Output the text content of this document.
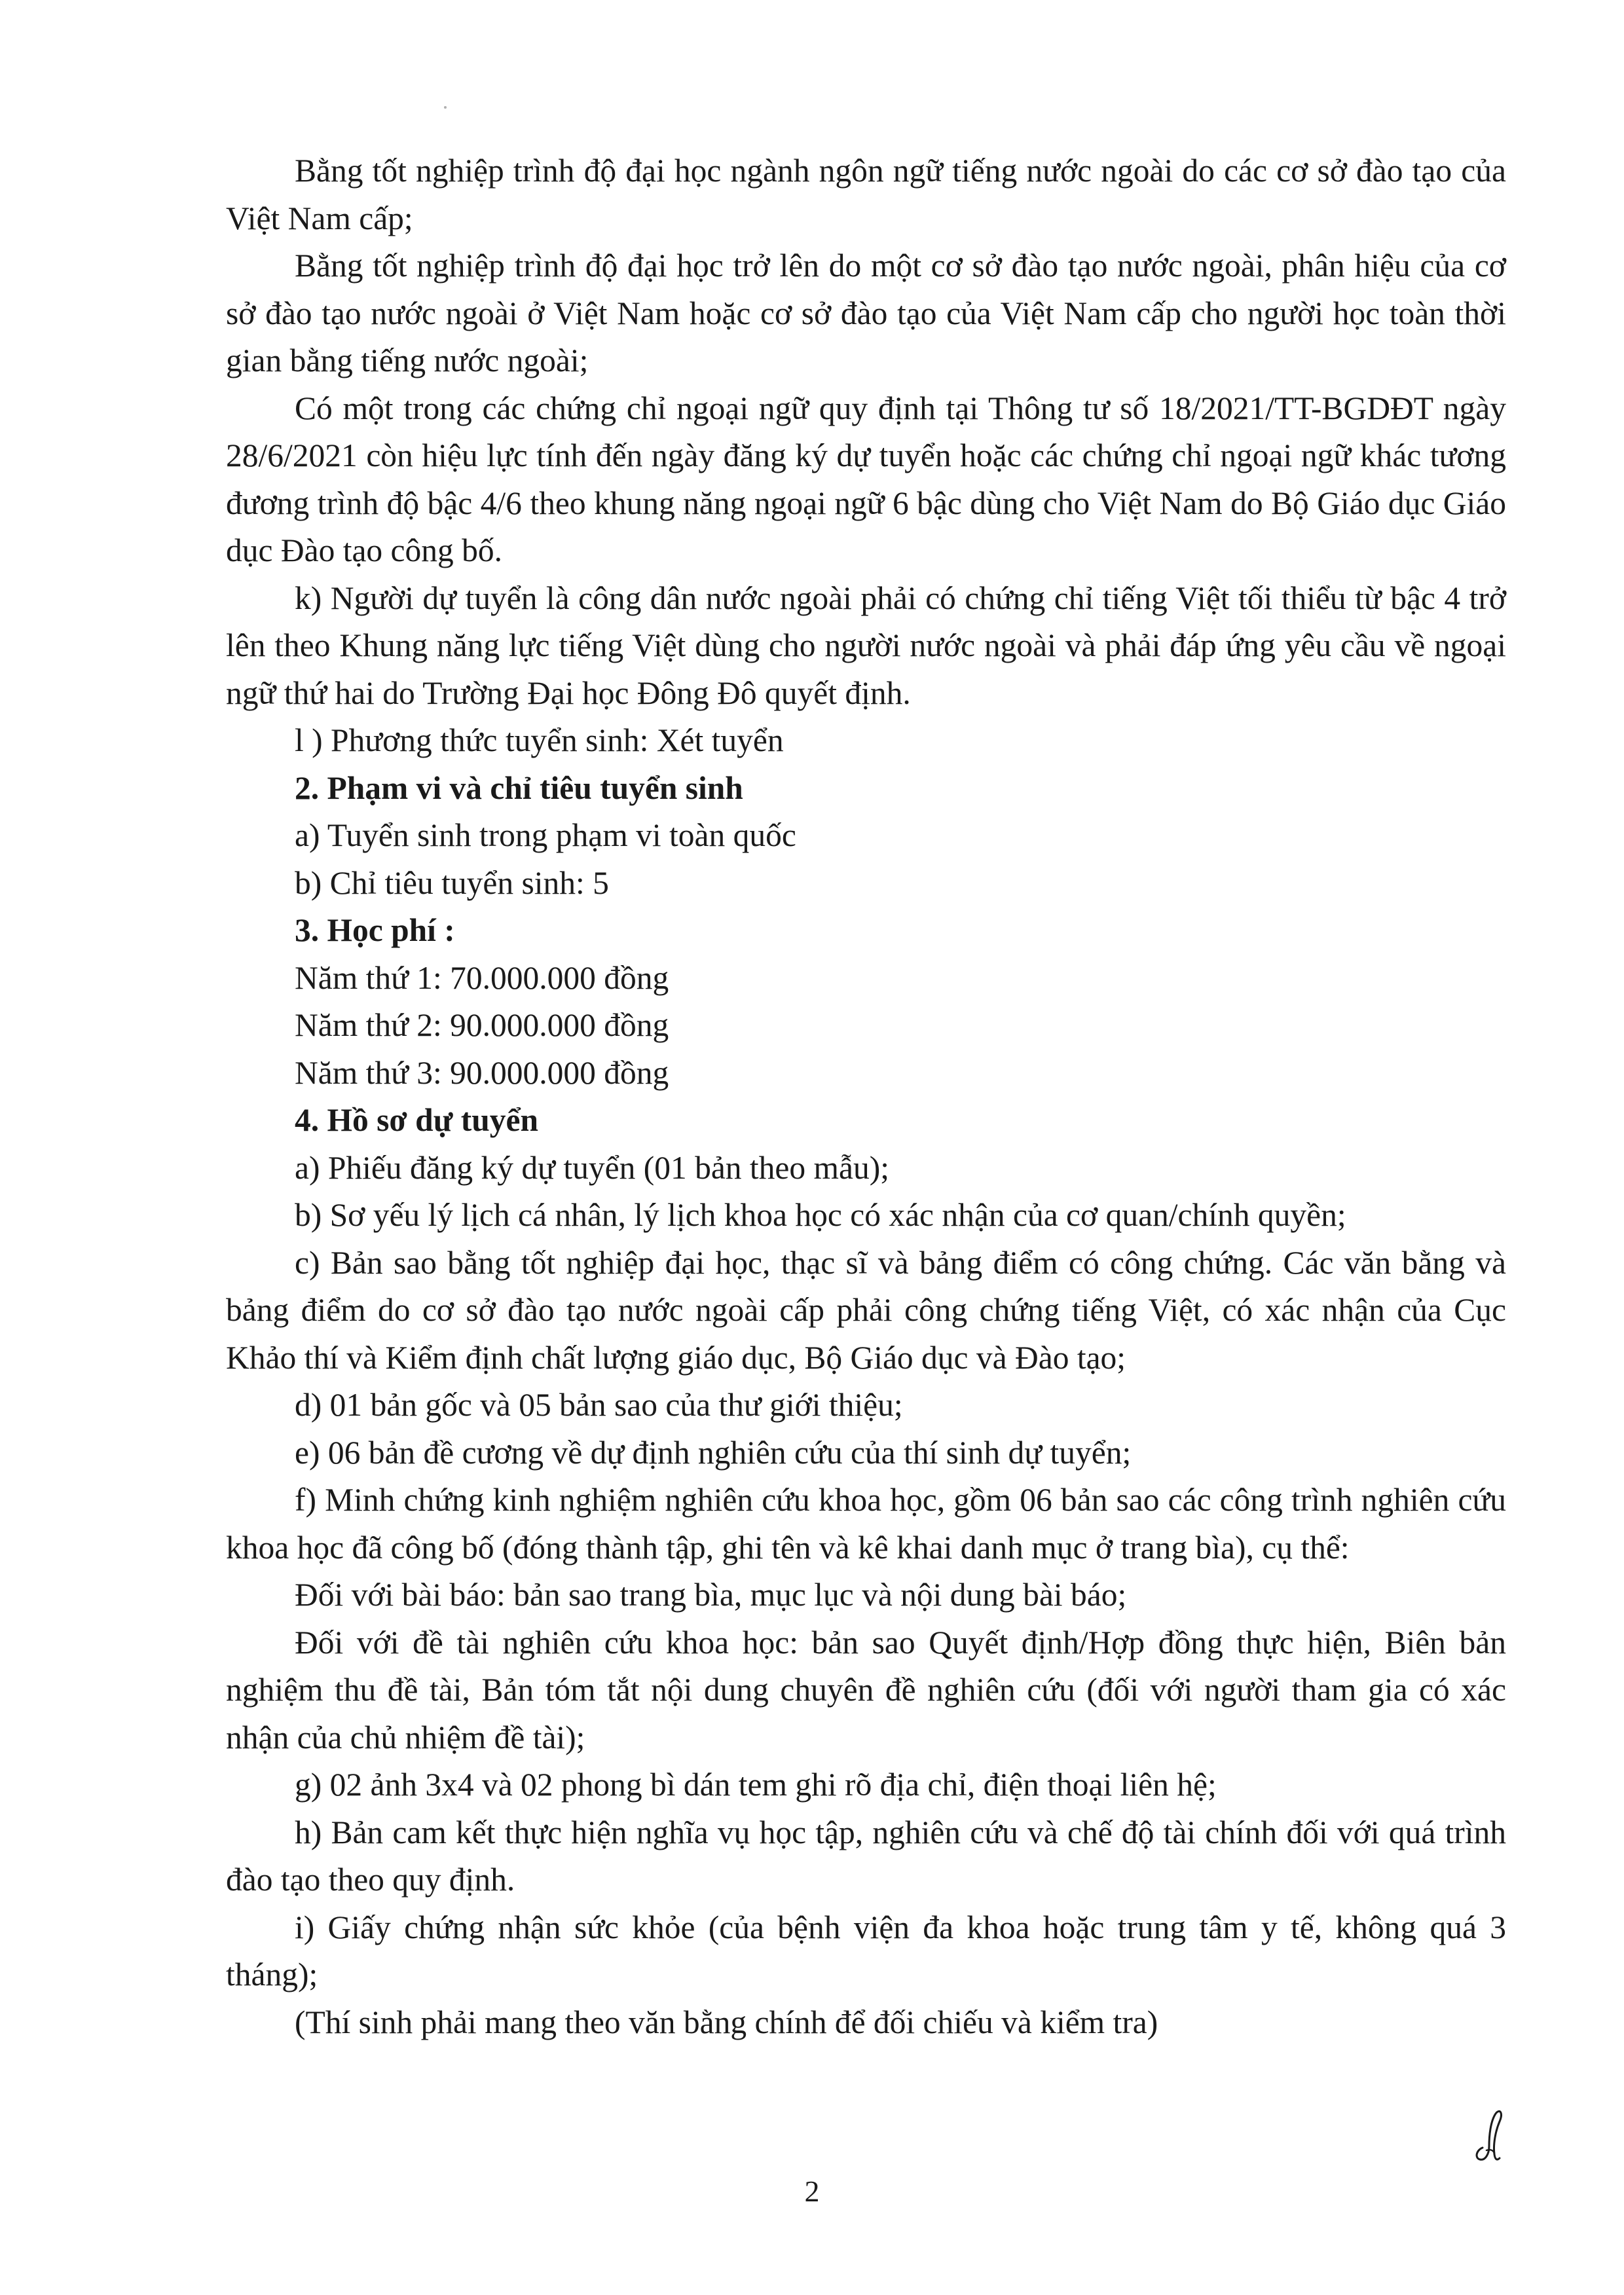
Bằng tốt nghiệp trình độ đại học ngành ngôn ngữ tiếng nước ngoài do các cơ sở đào tạo của Việt Nam cấp;

Bằng tốt nghiệp trình độ đại học trở lên do một cơ sở đào tạo nước ngoài, phân hiệu của cơ sở đào tạo nước ngoài ở Việt Nam hoặc cơ sở đào tạo của Việt Nam cấp cho người học toàn thời gian bằng tiếng nước ngoài;

Có một trong các chứng chỉ ngoại ngữ quy định tại Thông tư số 18/2021/TT-BGDĐT ngày 28/6/2021 còn hiệu lực tính đến ngày đăng ký dự tuyển hoặc các chứng chỉ ngoại ngữ khác tương đương trình độ bậc 4/6 theo khung năng ngoại ngữ 6 bậc dùng cho Việt Nam do Bộ Giáo dục Giáo dục Đào tạo công bố.

k) Người dự tuyển là công dân nước ngoài phải có chứng chỉ tiếng Việt tối thiểu từ bậc 4 trở lên theo Khung năng lực tiếng Việt dùng cho người nước ngoài và phải đáp ứng yêu cầu về ngoại ngữ thứ hai do Trường Đại học Đông Đô quyết định.

l ) Phương thức tuyển sinh: Xét tuyển

2. Phạm vi và chỉ tiêu tuyển sinh

a) Tuyển sinh trong phạm vi toàn quốc

b) Chỉ tiêu tuyển sinh: 5

3. Học phí :

Năm thứ 1: 70.000.000 đồng

Năm thứ 2: 90.000.000 đồng

Năm thứ 3: 90.000.000 đồng

4. Hồ sơ dự tuyển

a) Phiếu đăng ký dự tuyển (01 bản theo mẫu);

b) Sơ yếu lý lịch cá nhân, lý lịch khoa học có xác nhận của cơ quan/chính quyền;

c) Bản sao bằng tốt nghiệp đại học, thạc sĩ và bảng điểm có công chứng. Các văn bằng và bảng điểm do cơ sở đào tạo nước ngoài cấp phải công chứng tiếng Việt, có xác nhận của Cục Khảo thí và Kiểm định chất lượng giáo dục, Bộ Giáo dục và Đào tạo;

d) 01 bản gốc và 05 bản sao của thư giới thiệu;

e) 06 bản đề cương về dự định nghiên cứu của thí sinh dự tuyển;

f) Minh chứng kinh nghiệm nghiên cứu khoa học, gồm 06 bản sao các công trình nghiên cứu khoa học đã công bố (đóng thành tập, ghi tên và kê khai danh mục ở trang bìa), cụ thể:

Đối với bài báo: bản sao trang bìa, mục lục và nội dung bài báo;

Đối với đề tài nghiên cứu khoa học: bản sao Quyết định/Hợp đồng thực hiện, Biên bản nghiệm thu đề tài, Bản tóm tắt nội dung chuyên đề nghiên cứu (đối với người tham gia có xác nhận của chủ nhiệm đề tài);

g) 02 ảnh 3x4 và 02 phong bì dán tem ghi rõ địa chỉ, điện thoại liên hệ;

h) Bản cam kết thực hiện nghĩa vụ học tập, nghiên cứu và chế độ tài chính đối với quá trình đào tạo theo quy định.

i) Giấy chứng nhận sức khỏe (của bệnh viện đa khoa hoặc trung tâm y tế, không quá 3 tháng);

(Thí sinh phải mang theo văn bằng chính để đối chiếu và kiểm tra)

2
